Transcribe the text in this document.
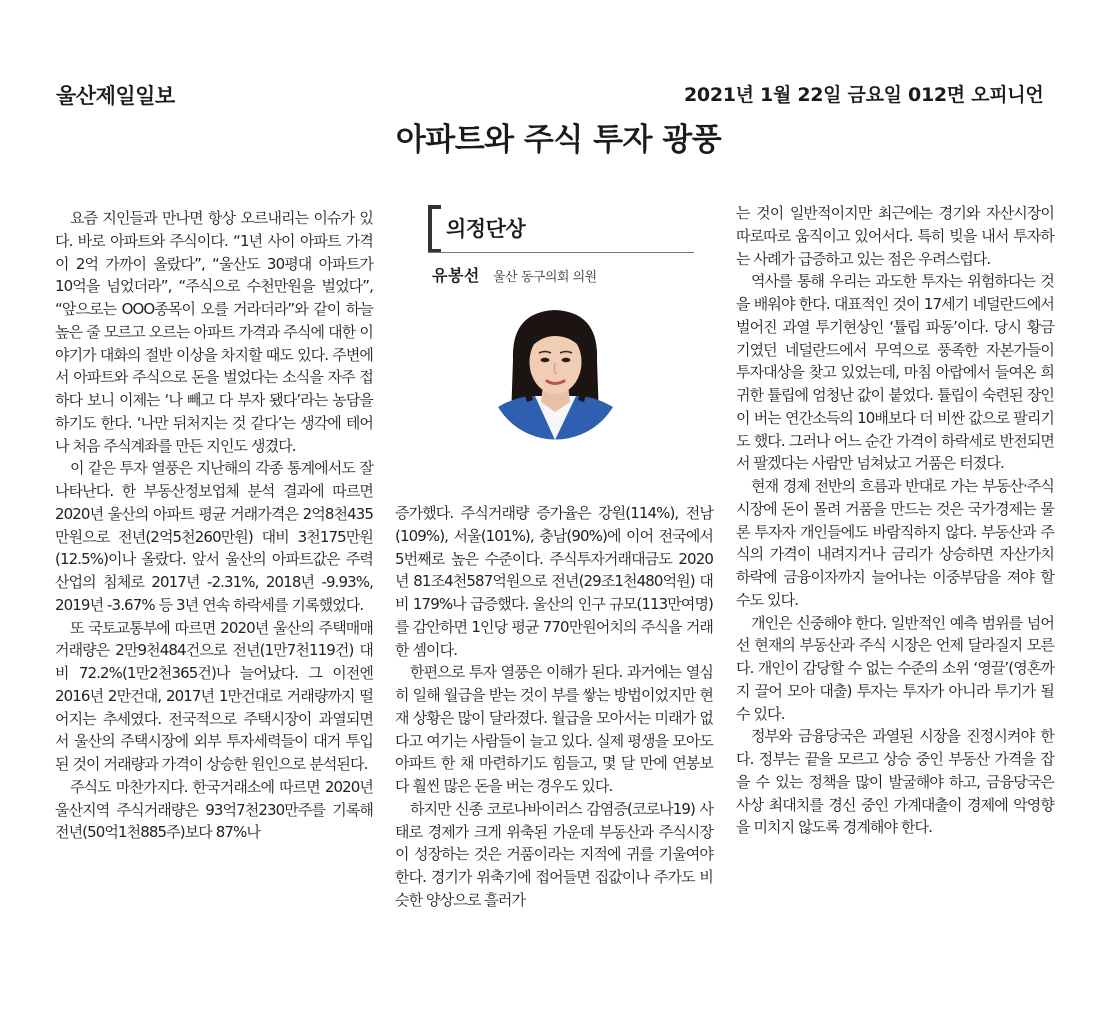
울산제일일보	2021년 1월 22일 금요일 012면 오피니언
아파트와 주식 투자 광풍
의정단상
유봉선 울산 동구의회 의원

요즘 지인들과 만나면 항상 오르내리는 이슈가 있다. 바로 아파트와 주식이다. “1년 사이 아파트 가격이 2억 가까이 올랐다”, “울산도 30평대 아파트가 10억을 넘었더라”, “주식으로 수천만원을 벌었다”, “앞으로는 OOO종목이 오를 거라더라”와 같이 하늘 높은 줄 모르고 오르는 아파트 가격과 주식에 대한 이야기가 대화의 절반 이상을 차지할 때도 있다. 주변에서 아파트와 주식으로 돈을 벌었다는 소식을 자주 접하다 보니 이제는 ‘나 빼고 다 부자 됐다’라는 농담을 하기도 한다. ‘나만 뒤처지는 것 같다’는 생각에 테어나 처음 주식계좌를 만든 지인도 생겼다.

이 같은 투자 열풍은 지난해의 각종 통계에서도 잘 나타난다. 한 부동산정보업체 분석 결과에 따르면 2020년 울산의 아파트 평균 거래가격은 2억8천435만원으로 전년(2억5천260만원) 대비 3천175만원(12.5%)이나 올랐다. 앞서 울산의 아파트값은 주력산업의 침체로 2017년 -2.31%, 2018년 -9.93%, 2019년 -3.67% 등 3년 연속 하락세를 기록했었다.

또 국토교통부에 따르면 2020년 울산의 주택매매거래량은 2만9천484건으로 전년(1만7천119건) 대비 72.2%(1만2천365건)나 늘어났다. 그 이전엔 2016년 2만건대, 2017년 1만건대로 거래량까지 떨어지는 추세였다. 전국적으로 주택시장이 과열되면서 울산의 주택시장에 외부 투자세력들이 대거 투입된 것이 거래량과 가격이 상승한 원인으로 분석된다.

주식도 마찬가지다. 한국거래소에 따르면 2020년 울산지역 주식거래량은 93억7천230만주를 기록해 전년(50억1천885주)보다 87%나

증가했다. 주식거래량 증가율은 강원(114%), 전남(109%), 서울(101%), 충남(90%)에 이어 전국에서 5번째로 높은 수준이다. 주식투자거래대금도 2020년 81조4천587억원으로 전년(29조1천480억원) 대비 179%나 급증했다. 울산의 인구 규모(113만여명)를 감안하면 1인당 평균 770만원어치의 주식을 거래한 셈이다.

한편으로 투자 열풍은 이해가 된다. 과거에는 열심히 일해 월급을 받는 것이 부를 쌓는 방법이었지만 현재 상황은 많이 달라졌다. 월급을 모아서는 미래가 없다고 여기는 사람들이 늘고 있다. 실제 평생을 모아도 아파트 한 채 마련하기도 힘들고, 몇 달 만에 연봉보다 훨씬 많은 돈을 버는 경우도 있다.

하지만 신종 코로나바이러스 감염증(코로나19) 사태로 경제가 크게 위축된 가운데 부동산과 주식시장이 성장하는 것은 거품이라는 지적에 귀를 기울여야 한다. 경기가 위축기에 접어들면 집값이나 주가도 비슷한 양상으로 흘러가

는 것이 일반적이지만 최근에는 경기와 자산시장이 따로따로 움직이고 있어서다. 특히 빚을 내서 투자하는 사례가 급증하고 있는 점은 우려스럽다.

역사를 통해 우리는 과도한 투자는 위험하다는 것을 배워야 한다. 대표적인 것이 17세기 네덜란드에서 벌어진 과열 투기현상인 ‘튤립 파동’이다. 당시 황금기였던 네덜란드에서 무역으로 풍족한 자본가들이 투자대상을 찾고 있었는데, 마침 아랍에서 들여온 희귀한 튤립에 엄청난 값이 붙었다. 튤립이 숙련된 장인이 버는 연간소득의 10배보다 더 비싼 값으로 팔리기도 했다. 그러나 어느 순간 가격이 하락세로 반전되면서 팔겠다는 사람만 넘쳐났고 거품은 터졌다.

현재 경제 전반의 흐름과 반대로 가는 부동산·주식시장에 돈이 몰려 거품을 만드는 것은 국가경제는 물론 투자자 개인들에도 바람직하지 않다. 부동산과 주식의 가격이 내려지거나 금리가 상승하면 자산가치 하락에 금융이자까지 늘어나는 이중부담을 져야 할 수도 있다.

개인은 신중해야 한다. 일반적인 예측 범위를 넘어선 현재의 부동산과 주식 시장은 언제 달라질지 모른다. 개인이 감당할 수 없는 수준의 소위 ‘영끌’(영혼까지 끌어 모아 대출) 투자는 투자가 아니라 투기가 될 수 있다.

정부와 금융당국은 과열된 시장을 진정시켜야 한다. 정부는 끝을 모르고 상승 중인 부동산 가격을 잡을 수 있는 정책을 많이 발굴해야 하고, 금융당국은 사상 최대치를 경신 중인 가계대출이 경제에 악영향을 미치지 않도록 경계해야 한다.
